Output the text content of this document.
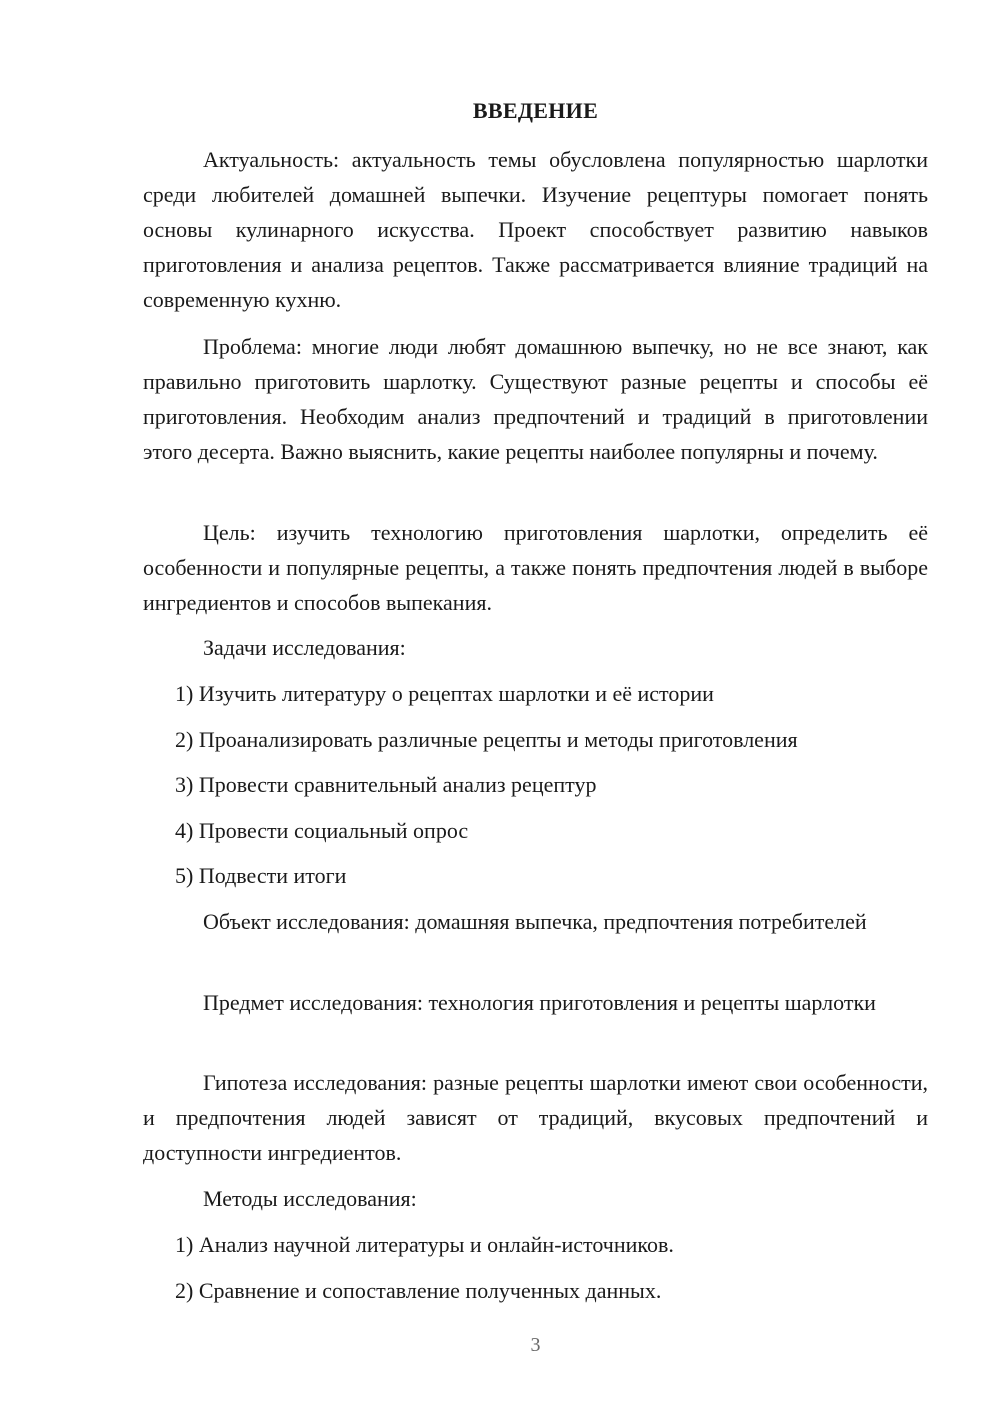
ВВЕДЕНИЕ

Актуальность: актуальность темы обусловлена популярностью шарлотки среди любителей домашней выпечки. Изучение рецептуры помогает понять основы кулинарного искусства. Проект способствует развитию навыков приготовления и анализа рецептов. Также рассматривается влияние традиций на современную кухню.

Проблема: многие люди любят домашнюю выпечку, но не все знают, как правильно приготовить шарлотку. Существуют разные рецепты и способы её приготовления. Необходим анализ предпочтений и традиций в приготовлении этого десерта. Важно выяснить, какие рецепты наиболее популярны и почему.

Цель: изучить технологию приготовления шарлотки, определить её особенности и популярные рецепты, а также понять предпочтения людей в выборе ингредиентов и способов выпекания.

Задачи исследования:

1) Изучить литературу о рецептах шарлотки и её истории
2) Проанализировать различные рецепты и методы приготовления
3) Провести сравнительный анализ рецептур
4) Провести социальный опрос
5) Подвести итоги

Объект исследования: домашняя выпечка, предпочтения потребителей

Предмет исследования: технология приготовления и рецепты шарлотки

Гипотеза исследования: разные рецепты шарлотки имеют свои особенности, и предпочтения людей зависят от традиций, вкусовых предпочтений и доступности ингредиентов.

Методы исследования:

1) Анализ научной литературы и онлайн-источников.
2) Сравнение и сопоставление полученных данных.
3
